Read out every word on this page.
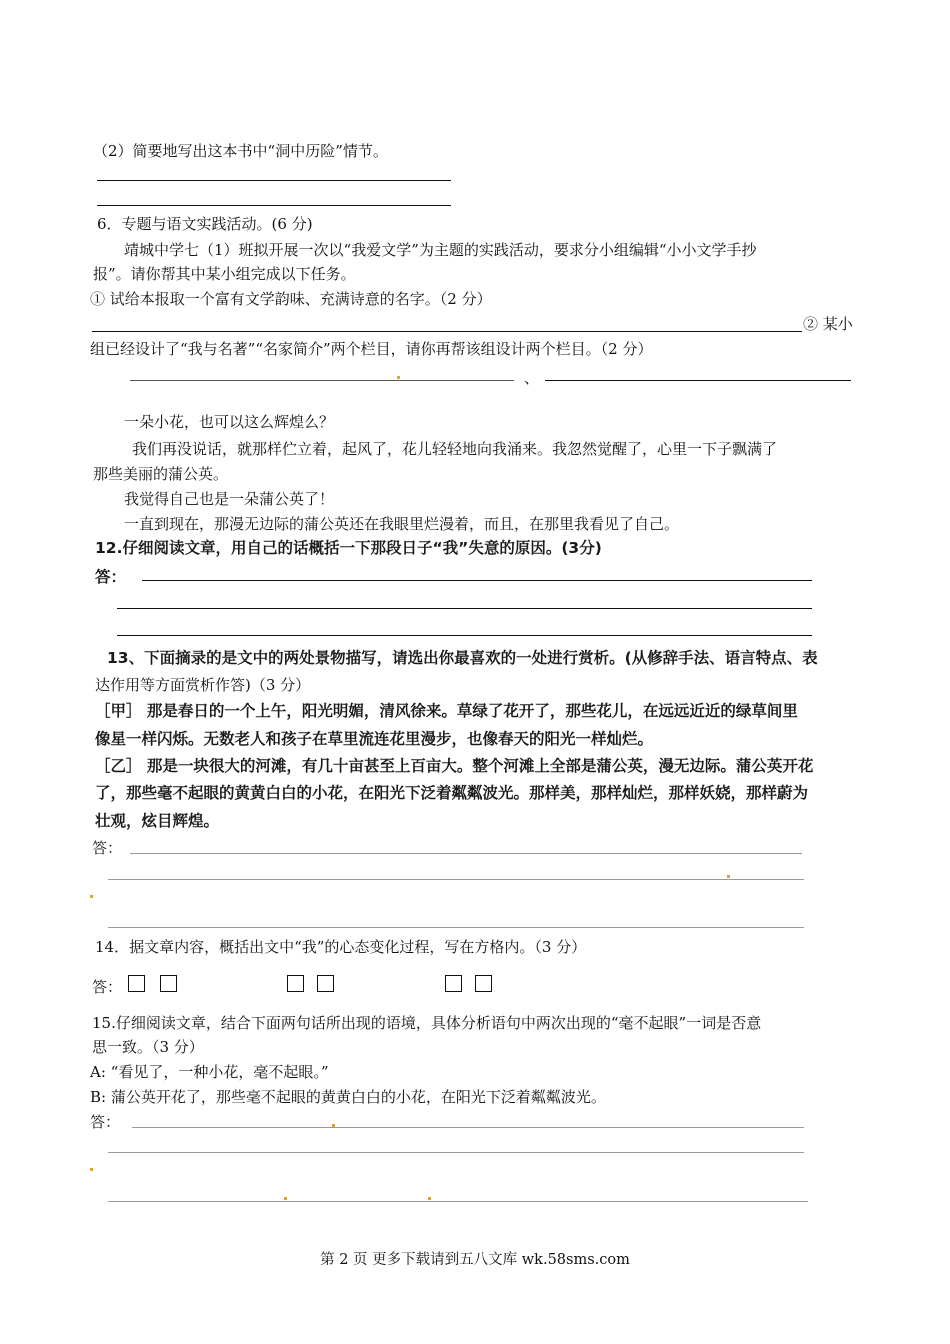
（2）简要地写出这本书中“洞中历险”情节。
6．专题与语文实践活动。(6 分)
靖城中学七（1）班拟开展一次以“我爱文学”为主题的实践活动，要求分小组编辑“小小文学手抄
报”。请你帮其中某小组完成以下任务。
① 试给本报取一个富有文学韵味、充满诗意的名字。（2 分）
② 某小
组已经设计了“我与名著”“名家简介”两个栏目，请你再帮该组设计两个栏目。（2 分）
、
一朵小花，也可以这么辉煌么？
我们再没说话，就那样伫立着，起风了，花儿轻轻地向我涌来。我忽然觉醒了，心里一下子飘满了
那些美丽的蒲公英。
我觉得自己也是一朵蒲公英了！
一直到现在，那漫无边际的蒲公英还在我眼里烂漫着，而且，在那里我看见了自己。
12.仔细阅读文章，用自己的话概括一下那段日子“我”失意的原因。(3分)
答：
13、下面摘录的是文中的两处景物描写，请选出你最喜欢的一处进行赏析。(从修辞手法、语言特点、表
达作用等方面赏析作答)（3 分）
［甲］ 那是春日的一个上午，阳光明媚，清风徐来。草绿了花开了，那些花儿，在远远近近的绿草间里
像星一样闪烁。无数老人和孩子在草里流连花里漫步，也像春天的阳光一样灿烂。
［乙］ 那是一块很大的河滩，有几十亩甚至上百亩大。整个河滩上全部是蒲公英，漫无边际。蒲公英开花
了，那些毫不起眼的黄黄白白的小花，在阳光下泛着粼粼波光。那样美，那样灿烂，那样妖娆，那样蔚为
壮观，炫目辉煌。
答：
14．据文章内容，概括出文中“我”的心态变化过程，写在方格内。（3 分）
答：
15.仔细阅读文章，结合下面两句话所出现的语境，具体分析语句中两次出现的“毫不起眼”一词是否意
思一致。（3 分）
A: “看见了，一种小花，毫不起眼。”
B: 蒲公英开花了，那些毫不起眼的黄黄白白的小花，在阳光下泛着粼粼波光。
答：
第 2 页 更多下载请到五八文库 wk.58sms.com
